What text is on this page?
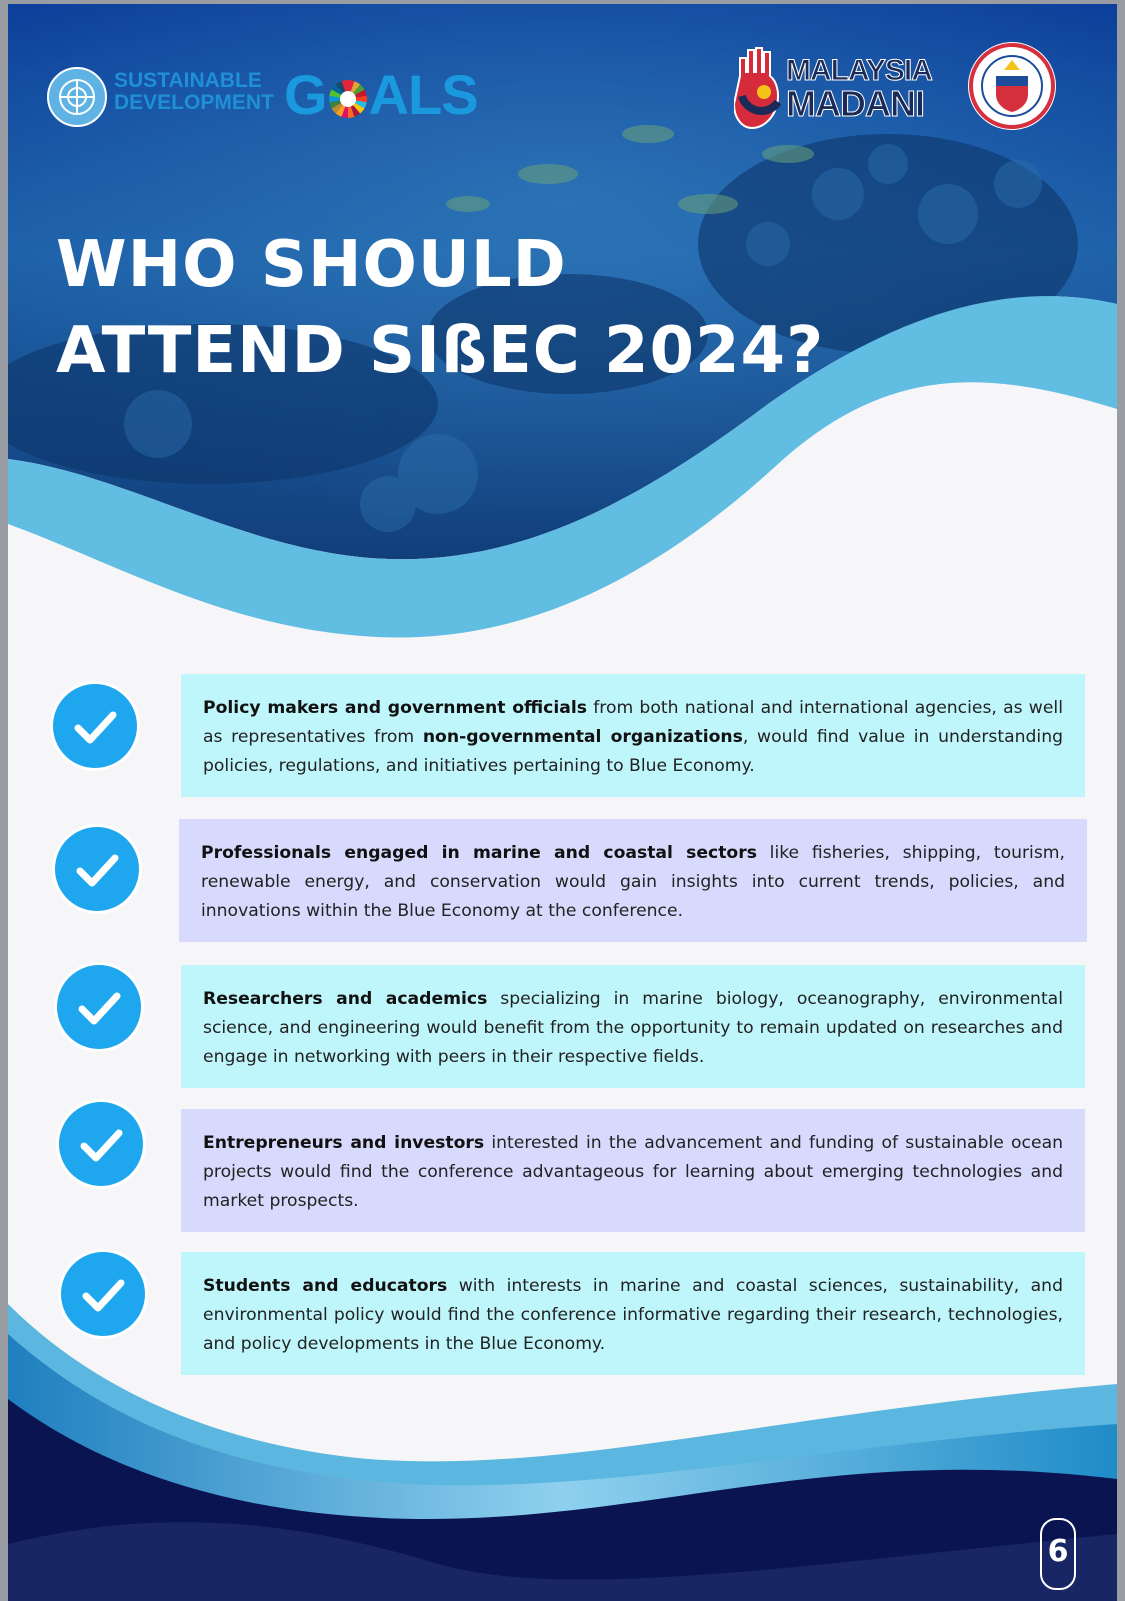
SUSTAINABLE
DEVELOPMENT G ALS	MALAYSIA
MADANI
WHO SHOULD
ATTEND SIßEC 2024?
Policy makers and government officials from both national and international agencies, as well as representatives from non-governmental organizations, would find value in understanding policies, regulations, and initiatives pertaining to Blue Economy.
Professionals engaged in marine and coastal sectors like fisheries, shipping, tourism, renewable energy, and conservation would gain insights into current trends, policies, and innovations within the Blue Economy at the conference.
Researchers and academics specializing in marine biology, oceanography, environmental science, and engineering would benefit from the opportunity to remain updated on researches and engage in networking with peers in their respective fields.
Entrepreneurs and investors interested in the advancement and funding of sustainable ocean projects would find the conference advantageous for learning about emerging technologies and market prospects.
Students and educators with interests in marine and coastal sciences, sustainability, and environmental policy would find the conference informative regarding their research, technologies, and policy developments in the Blue Economy.
6
